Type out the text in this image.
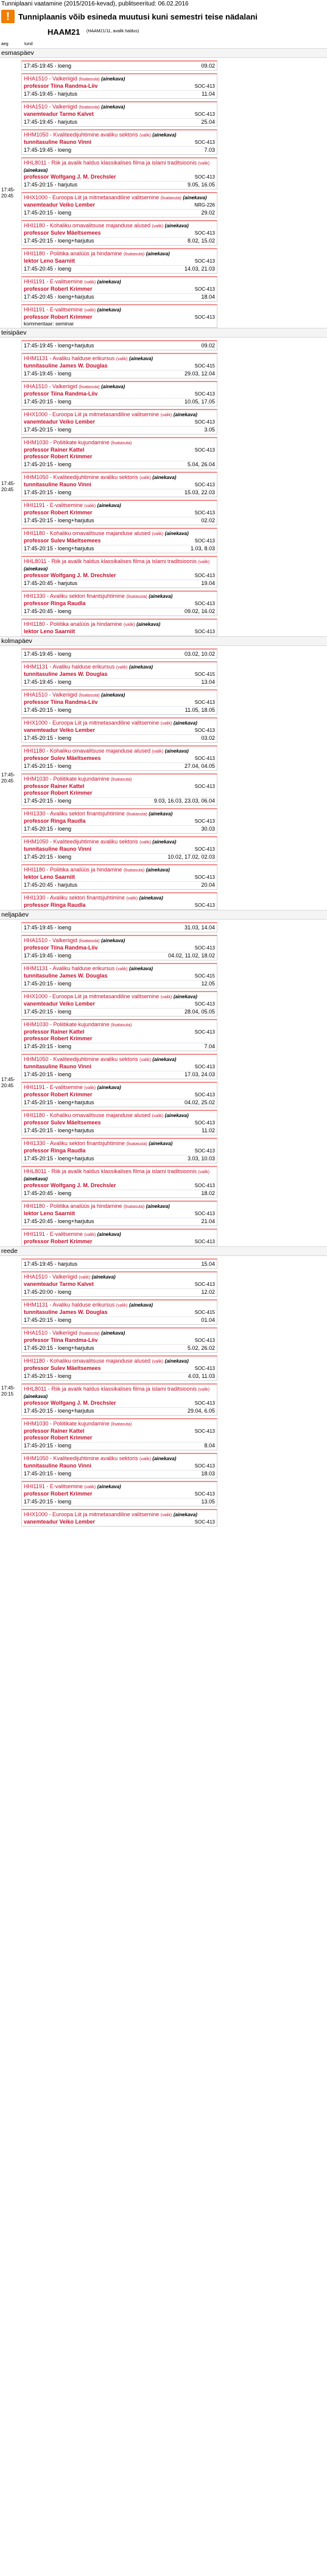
Tunniplaani vaatamine (2015/2016-kevad), publitseeritud: 06.02.2016
!	Tunniplaanis võib esineda muutusi kuni semestri teise nädalani
HAAM21 (HAAM21/11, avalik haldus)
aeg	tund
esmaspäev
17:45-
20:45
17:45-19:45 - loeng	09.02
HHA1510 - Valkeriigid (lisatasuta) (ainekava)
professor Tiina Randma-Liiv	SOC-413
17:45-19:45 - harjutus	11.04
HHA1510 - Valkeriigid (lisatasuta) (ainekava)
vanemteadur Tarmo Kalvet	SOC-413
17:45-19:45 - harjutus	25.04
HHM1050 - Kvaliteedijuhtimine avaliku sektoris (valik) (ainekava)
tunnitasuline Rauno Vinni	SOC-413
17:45-19:45 - loeng	7.03
HHL8011 - Riik ja avalik haldus klassikalises filma ja islami traditsioonis (valik) (ainekava)
professor Wolfgang J. M. Drechsler	SOC-413
17:45-20:15 - harjutus	9.05, 16.05
HHX1000 - Euroopa Liit ja mitmetasandiline valitsemine (lisatasuta) (ainekava)
vanemteadur Veiko Lember	NRG-226
17:45-20:15 - loeng	29.02
HHI1180 - Kohaliku omavalitsuse majanduse alused (valik) (ainekava)
professor Sulev Mäeltsemees	SOC-413
17:45-20:15 - loeng+harjutus	8.02, 15.02
HHI1180 - Poliitika analüüs ja hindamine (lisatasuta) (ainekava)
lektor Leno Saarniit	SOC-413
17:45-20:45 - loeng	14.03, 21.03
HHI1191 - E-valitsemine (valik) (ainekava)
professor Robert Krimmer	SOC-413
17:45-20:45 - loeng+harjutus	18.04
HHI1191 - E-valitsemine (valik) (ainekava)
professor Robert Krimmer	SOC-413
kommentaar: seminar
teisipäev
17:45-
20:45
17:45-19:45 - loeng+harjutus	09.02
HHM1131 - Avaliku halduse erikursus (valik) (ainekava)
tunnitasuline James W. Douglas	SOC-415
17:45-19:45 - loeng	29.03, 12.04
HHA1510 - Valkeriigid (lisatasuta) (ainekava)
professor Tiina Randma-Liiv	SOC-413
17:45-20:15 - loeng	10.05, 17.05
HHX1000 - Euroopa Liit ja mitmetasandiline valitsemine (valik) (ainekava)
vanemteadur Veiko Lember	SOC-413
17:45-20:15 - loeng	3.05
HHM1030 - Poliitikate kujundamine (lisatasuta)
professor Rainer Kattel
professor Robert Krimmer
SOC-413
17:45-20:15 - loeng	5.04, 26.04
HHM1050 - Kvaliteedijuhtimine avaliku sektoris (valik) (ainekava)
tunnitasuline Rauno Vinni	SOC-413
17:45-20:15 - loeng	15.03, 22.03
HHI1191 - E-valitsemine (valik) (ainekava)
professor Robert Krimmer	SOC-413
17:45-20:15 - loeng+harjutus	02.02
HHI1180 - Kohaliku omavalitsuse majanduse alused (valik) (ainekava)
professor Sulev Mäeltsemees	SOC-413
17:45-20:15 - loeng+harjutus	1.03, 8.03
HHL8011 - Riik ja avalik haldus klassikalises filma ja islami traditsioonis (valik) (ainekava)
professor Wolfgang J. M. Drechsler	SOC-413
17:45-20:45 - harjutus	19.04
HHI1330 - Avaliku sektori finantsjuhtimine (lisatasuta) (ainekava)
professor Ringa Raudla	SOC-413
17:45-20:45 - loeng	09.02, 16.02
HHI1180 - Poliitika analüüs ja hindamine (valik) (ainekava)
lektor Leno Saarniit	SOC-413
kolmapäev
17:45-
20:45
17:45-19:45 - loeng	03.02, 10.02
HHM1131 - Avaliku halduse erikursus (valik) (ainekava)
tunnitasuline James W. Douglas	SOC-415
17:45-19:45 - loeng	13.04
HHA1510 - Valkeriigid (lisatasuta) (ainekava)
professor Tiina Randma-Liiv	SOC-413
17:45-20:15 - loeng	11.05, 18.05
HHX1000 - Euroopa Liit ja mitmetasandiline valitsemine (valik) (ainekava)
vanemteadur Veiko Lember	SOC-413
17:45-20:15 - loeng	03.02
HHI1180 - Kohaliku omavalitsuse majanduse alused (valik) (ainekava)
professor Sulev Mäeltsemees	SOC-413
17:45-20:15 - loeng	27.04, 04.05
HHM1030 - Poliitikate kujundamine (lisatasuta)
professor Rainer Kattel
professor Robert Krimmer
SOC-413
17:45-20:15 - loeng	9.03, 16.03, 23.03, 06.04
HHI1330 - Avaliku sektori finantsjuhtimine (lisatasuta) (ainekava)
professor Ringa Raudla	SOC-413
17:45-20:15 - loeng	30.03
HHM1050 - Kvaliteedijuhtimine avaliku sektoris (valik) (ainekava)
tunnitasuline Rauno Vinni	SOC-413
17:45-20:15 - loeng	10.02, 17.02, 02.03
HHI1180 - Poliitika analüüs ja hindamine (lisatasuta) (ainekava)
lektor Leno Saarniit	SOC-413
17:45-20:45 - harjutus	20.04
HHI1330 - Avaliku sektori finantsjuhtimine (valik) (ainekava)
professor Ringa Raudla	SOC-413
neljapäev
17:45-
20:45
17:45-19:45 - loeng	31.03, 14.04
HHA1510 - Valkeriigid (lisatasuta) (ainekava)
professor Tiina Randma-Liiv	SOC-413
17:45-19:45 - loeng	04.02, 11.02, 18.02
HHM1131 - Avaliku halduse erikursus (valik) (ainekava)
tunnitasuline James W. Douglas	SOC-415
17:45-20:15 - loeng	12.05
HHX1000 - Euroopa Liit ja mitmetasandiline valitsemine (valik) (ainekava)
vanemteadur Veiko Lember	SOC-413
17:45-20:15 - loeng	28.04, 05.05
HHM1030 - Poliitikate kujundamine (lisatasuta)
professor Rainer Kattel
professor Robert Krimmer
SOC-413
17:45-20:15 - loeng	7.04
HHM1050 - Kvaliteedijuhtimine avaliku sektoris (valik) (ainekava)
tunnitasuline Rauno Vinni	SOC-413
17:45-20:15 - loeng	17.03, 24.03
HHI1191 - E-valitsemine (valik) (ainekava)
professor Robert Krimmer	SOC-413
17:45-20:15 - loeng+harjutus	04.02, 25.02
HHI1180 - Kohaliku omavalitsuse majanduse alused (valik) (ainekava)
professor Sulev Mäeltsemees	SOC-413
17:45-20:15 - loeng+harjutus	11.02
HHI1330 - Avaliku sektori finantsjuhtimine (lisatasuta) (ainekava)
professor Ringa Raudla	SOC-413
17:45-20:15 - loeng+harjutus	3.03, 10.03
HHL8011 - Riik ja avalik haldus klassikalises filma ja islami traditsioonis (valik) (ainekava)
professor Wolfgang J. M. Drechsler	SOC-413
17:45-20:45 - loeng	18.02
HHI1180 - Poliitika analüüs ja hindamine (lisatasuta) (ainekava)
lektor Leno Saarniit	SOC-413
17:45-20:45 - loeng+harjutus	21.04
HHI1191 - E-valitsemine (valik) (ainekava)
professor Robert Krimmer	SOC-413
reede
17:45-
20:15
17:45-19:45 - harjutus	15.04
HHA1510 - Valkeriigid (valik) (ainekava)
vanemteadur Tarmo Kalvet	SOC-413
17:45-20:00 - loeng	12.02
HHM1131 - Avaliku halduse erikursus (valik) (ainekava)
tunnitasuline James W. Douglas	SOC-415
17:45-20:15 - loeng	01.04
HHA1510 - Valkeriigid (lisatasuta) (ainekava)
professor Tiina Randma-Liiv	SOC-413
17:45-20:15 - loeng+harjutus	5.02, 26.02
HHI1180 - Kohaliku omavalitsuse majanduse alused (valik) (ainekava)
professor Sulev Mäeltsemees	SOC-413
17:45-20:15 - loeng	4.03, 11.03
HHL8011 - Riik ja avalik haldus klassikalises filma ja islami traditsioonis (valik) (ainekava)
professor Wolfgang J. M. Drechsler	SOC-413
17:45-20:15 - loeng+harjutus	29.04, 6.05
HHM1030 - Poliitikate kujundamine (lisatasuta)
professor Rainer Kattel
professor Robert Krimmer
SOC-413
17:45-20:15 - loeng	8.04
HHM1050 - Kvaliteedijuhtimine avaliku sektoris (valik) (ainekava)
tunnitasuline Rauno Vinni	SOC-413
17:45-20:15 - loeng	18.03
HHI1191 - E-valitsemine (valik) (ainekava)
professor Robert Krimmer	SOC-413
17:45-20:15 - loeng	13.05
HHX1000 - Euroopa Liit ja mitmetasandiline valitsemine (valik) (ainekava)
vanemteadur Veiko Lember	SOC-413
